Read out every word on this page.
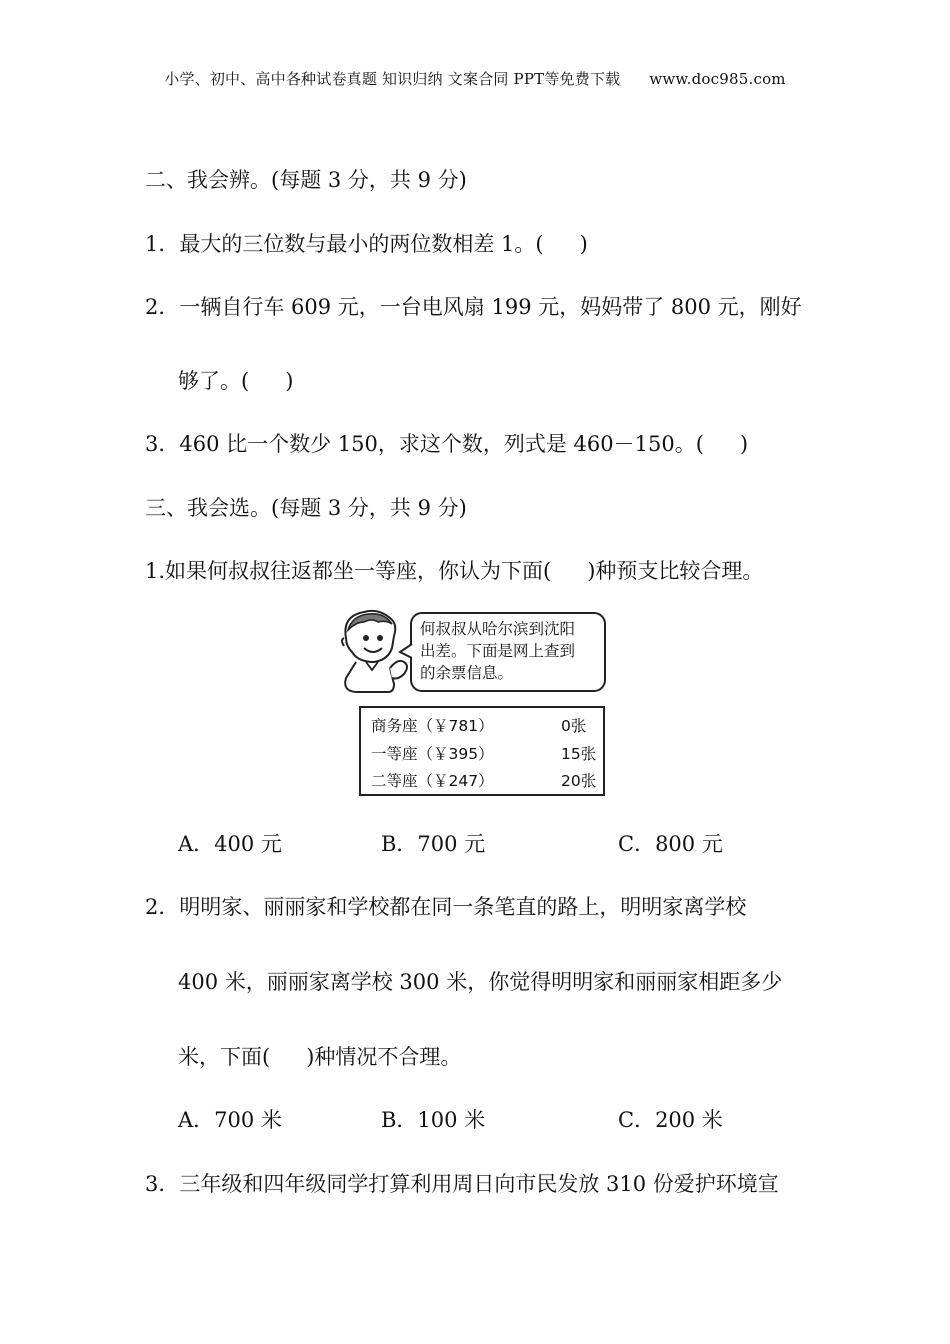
小学、初中、高中各种试卷真题 知识归纳 文案合同 PPT等免费下载 www.doc985.com
二、我会辨。(每题 3 分，共 9 分)
1．最大的三位数与最小的两位数相差 1。( )
2．一辆自行车 609 元，一台电风扇 199 元，妈妈带了 800 元，刚好
够了。( )
3．460 比一个数少 150，求这个数，列式是 460－150。( )
三、我会选。(每题 3 分，共 9 分)
1.如果何叔叔往返都坐一等座，你认为下面( )种预支比较合理。
何叔叔从哈尔滨到沈阳
出差。下面是网上查到
的余票信息。
商务座（￥781）	0张
一等座（￥395）	15张
二等座（￥247）	20张
A．400 元	B．700 元	C．800 元
2．明明家、丽丽家和学校都在同一条笔直的路上，明明家离学校
400 米，丽丽家离学校 300 米，你觉得明明家和丽丽家相距多少
米，下面( )种情况不合理。
A．700 米	B．100 米	C．200 米
3．三年级和四年级同学打算利用周日向市民发放 310 份爱护环境宣
